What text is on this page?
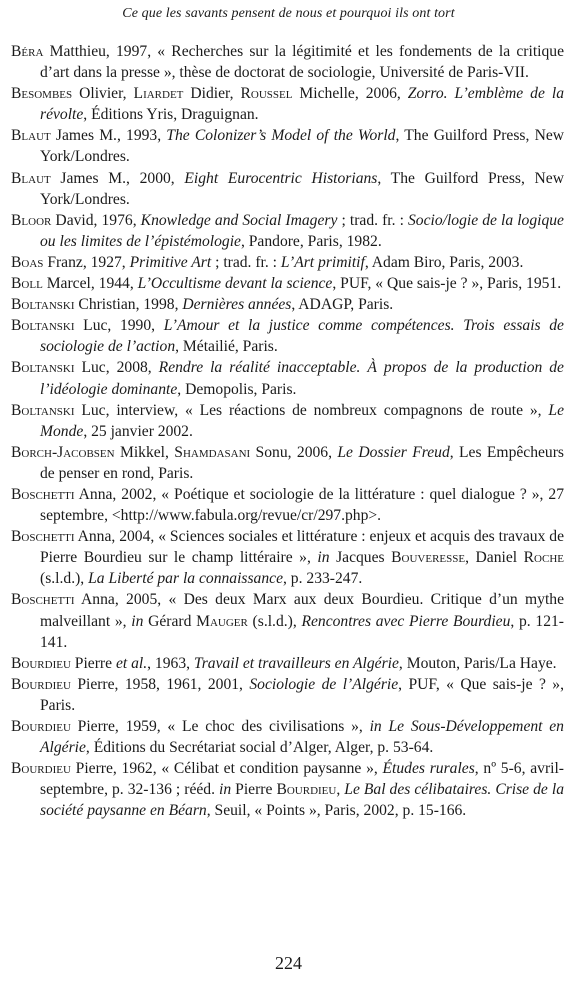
Ce que les savants pensent de nous et pourquoi ils ont tort
Béra Matthieu, 1997, « Recherches sur la légitimité et les fondements de la critique d’art dans la presse », thèse de doctorat de sociologie, Université de Paris-VII.
Besombes Olivier, Liardet Didier, Roussel Michelle, 2006, Zorro. L’emblème de la révolte, Éditions Yris, Draguignan.
Blaut James M., 1993, The Colonizer’s Model of the World, The Guilford Press, New York/Londres.
Blaut James M., 2000, Eight Eurocentric Historians, The Guilford Press, New York/Londres.
Bloor David, 1976, Knowledge and Social Imagery ; trad. fr. : Socio/logie de la logique ou les limites de l’épistémologie, Pandore, Paris, 1982.
Boas Franz, 1927, Primitive Art ; trad. fr. : L’Art primitif, Adam Biro, Paris, 2003.
Boll Marcel, 1944, L’Occultisme devant la science, PUF, « Que sais-je ? », Paris, 1951.
Boltanski Christian, 1998, Dernières années, ADAGP, Paris.
Boltanski Luc, 1990, L’Amour et la justice comme compétences. Trois essais de sociologie de l’action, Métailié, Paris.
Boltanski Luc, 2008, Rendre la réalité inacceptable. À propos de la production de l’idéologie dominante, Demopolis, Paris.
Boltanski Luc, interview, « Les réactions de nombreux compagnons de route », Le Monde, 25 janvier 2002.
Borch-Jacobsen Mikkel, Shamdasani Sonu, 2006, Le Dossier Freud, Les Empêcheurs de penser en rond, Paris.
Boschetti Anna, 2002, « Poétique et sociologie de la littérature : quel dialogue ? », 27 septembre, <http://www.fabula.org/revue/cr/297.php>.
Boschetti Anna, 2004, « Sciences sociales et littérature : enjeux et acquis des travaux de Pierre Bourdieu sur le champ littéraire », in Jacques Bouveresse, Daniel Roche (s.l.d.), La Liberté par la connaissance, p. 233-247.
Boschetti Anna, 2005, « Des deux Marx aux deux Bourdieu. Critique d’un mythe malveillant », in Gérard Mauger (s.l.d.), Rencontres avec Pierre Bourdieu, p. 121-141.
Bourdieu Pierre et al., 1963, Travail et travailleurs en Algérie, Mouton, Paris/La Haye.
Bourdieu Pierre, 1958, 1961, 2001, Sociologie de l’Algérie, PUF, « Que sais-je ? », Paris.
Bourdieu Pierre, 1959, « Le choc des civilisations », in Le Sous-Développement en Algérie, Éditions du Secrétariat social d’Alger, Alger, p. 53-64.
Bourdieu Pierre, 1962, « Célibat et condition paysanne », Études rurales, nº 5-6, avril-septembre, p. 32-136 ; rééd. in Pierre Bourdieu, Le Bal des célibataires. Crise de la société paysanne en Béarn, Seuil, « Points », Paris, 2002, p. 15-166.
224
